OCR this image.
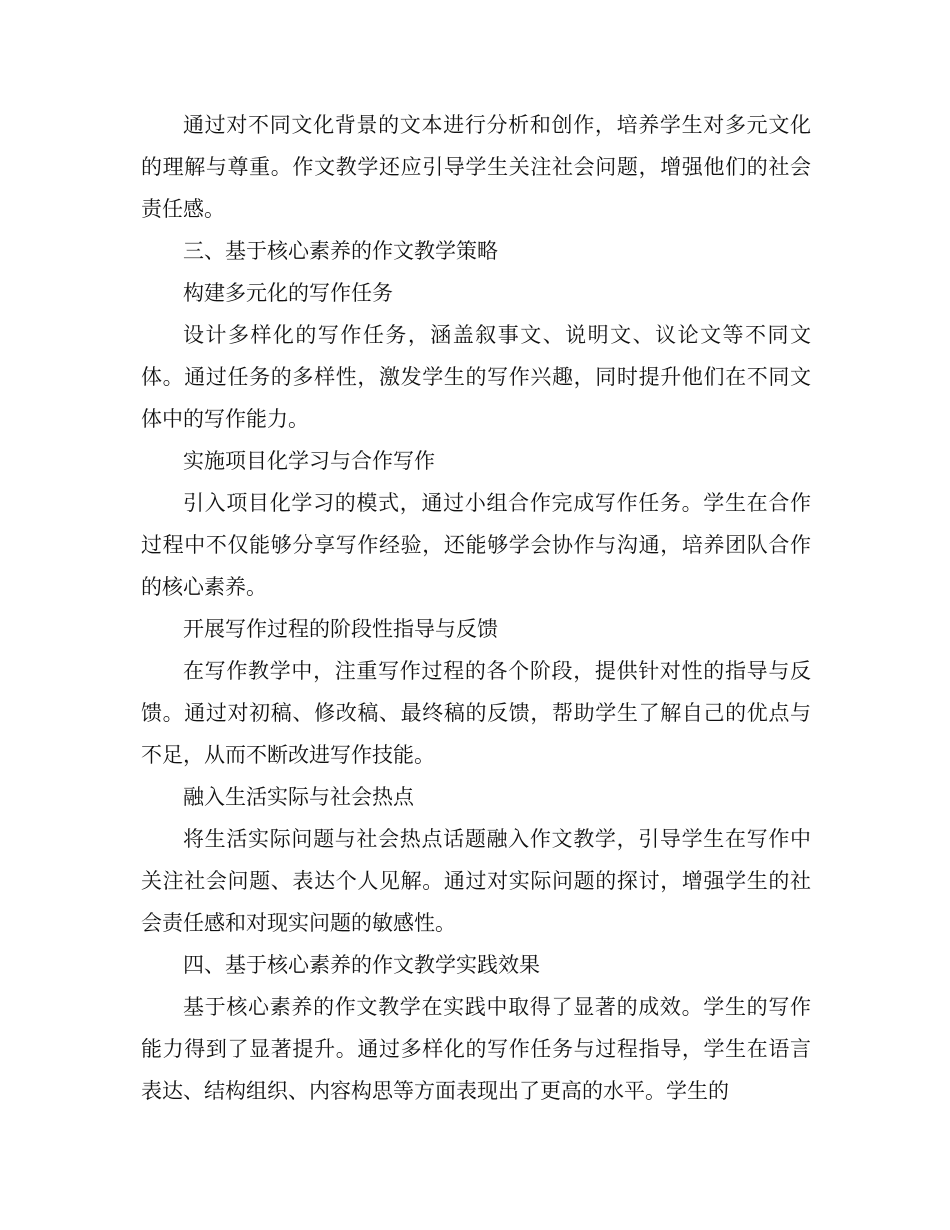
通过对不同文化背景的文本进行分析和创作，培养学生对多元文化的理解与尊重。作文教学还应引导学生关注社会问题，增强他们的社会责任感。

三、基于核心素养的作文教学策略

构建多元化的写作任务

设计多样化的写作任务，涵盖叙事文、说明文、议论文等不同文体。通过任务的多样性，激发学生的写作兴趣，同时提升他们在不同文体中的写作能力。

实施项目化学习与合作写作

引入项目化学习的模式，通过小组合作完成写作任务。学生在合作过程中不仅能够分享写作经验，还能够学会协作与沟通，培养团队合作的核心素养。

开展写作过程的阶段性指导与反馈

在写作教学中，注重写作过程的各个阶段，提供针对性的指导与反馈。通过对初稿、修改稿、最终稿的反馈，帮助学生了解自己的优点与不足，从而不断改进写作技能。

融入生活实际与社会热点

将生活实际问题与社会热点话题融入作文教学，引导学生在写作中关注社会问题、表达个人见解。通过对实际问题的探讨，增强学生的社会责任感和对现实问题的敏感性。

四、基于核心素养的作文教学实践效果

基于核心素养的作文教学在实践中取得了显著的成效。学生的写作能力得到了显著提升。通过多样化的写作任务与过程指导，学生在语言表达、结构组织、内容构思等方面表现出了更高的水平。学生的
